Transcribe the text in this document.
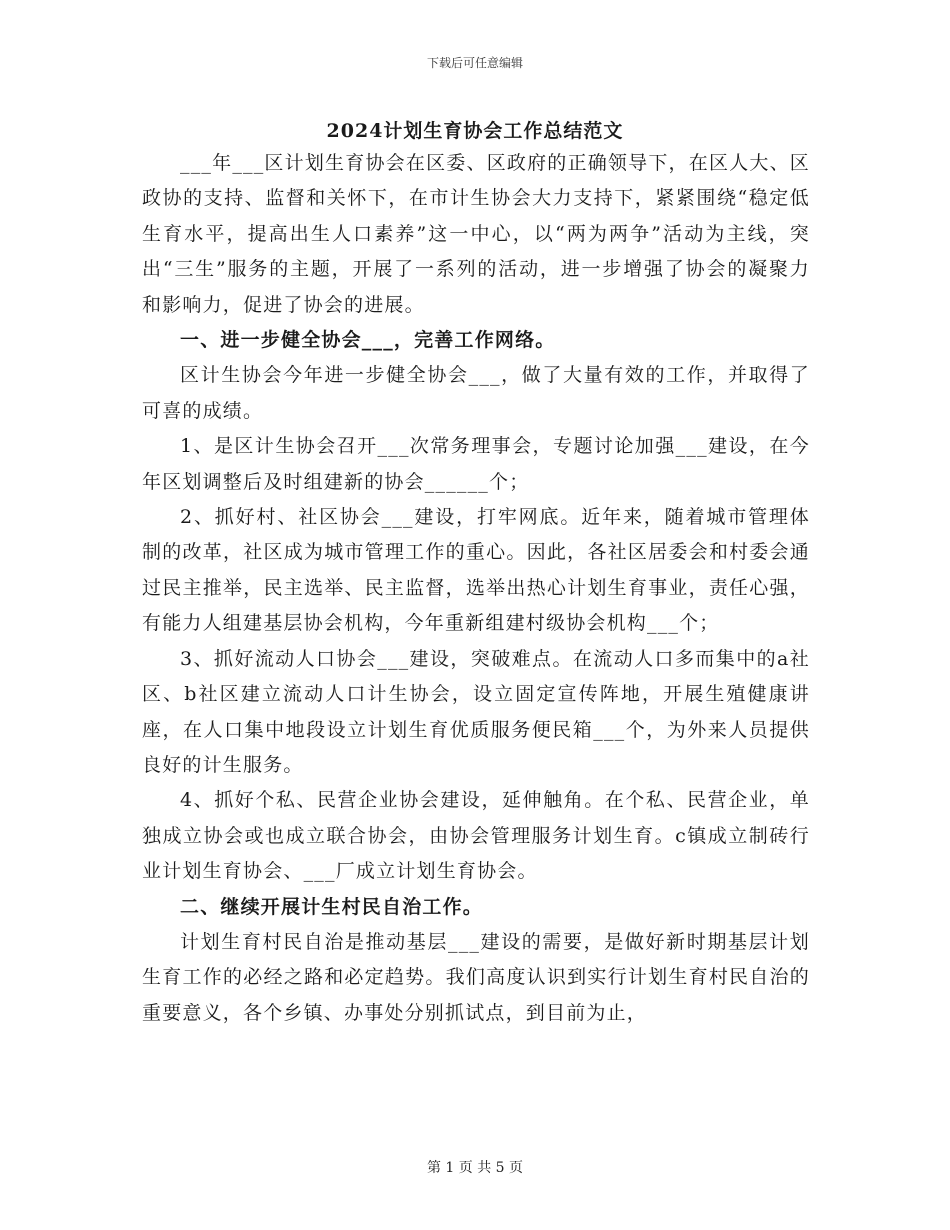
下载后可任意编辑
2024计划生育协会工作总结范文

___年___区计划生育协会在区委、区政府的正确领导下，在区人大、区政协的支持、监督和关怀下，在市计生协会大力支持下，紧紧围绕“稳定低生育水平，提高出生人口素养”这一中心，以“两为两争”活动为主线，突出“三生”服务的主题，开展了一系列的活动，进一步增强了协会的凝聚力和影响力，促进了协会的进展。

一、进一步健全协会___，完善工作网络。

区计生协会今年进一步健全协会___，做了大量有效的工作，并取得了可喜的成绩。

1、是区计生协会召开___次常务理事会，专题讨论加强___建设，在今年区划调整后及时组建新的协会______个；

2、抓好村、社区协会___建设，打牢网底。近年来，随着城市管理体制的改革，社区成为城市管理工作的重心。因此，各社区居委会和村委会通过民主推举，民主选举、民主监督，选举出热心计划生育事业，责任心强，有能力人组建基层协会机构，今年重新组建村级协会机构___个；

3、抓好流动人口协会___建设，突破难点。在流动人口多而集中的a社区、b社区建立流动人口计生协会，设立固定宣传阵地，开展生殖健康讲座，在人口集中地段设立计划生育优质服务便民箱___个，为外来人员提供良好的计生服务。

4、抓好个私、民营企业协会建设，延伸触角。在个私、民营企业，单独成立协会或也成立联合协会，由协会管理服务计划生育。c镇成立制砖行业计划生育协会、___厂成立计划生育协会。

二、继续开展计生村民自治工作。

计划生育村民自治是推动基层___建设的需要，是做好新时期基层计划生育工作的必经之路和必定趋势。我们高度认识到实行计划生育村民自治的重要意义，各个乡镇、办事处分别抓试点，到目前为止，

第 1 页 共 5 页
